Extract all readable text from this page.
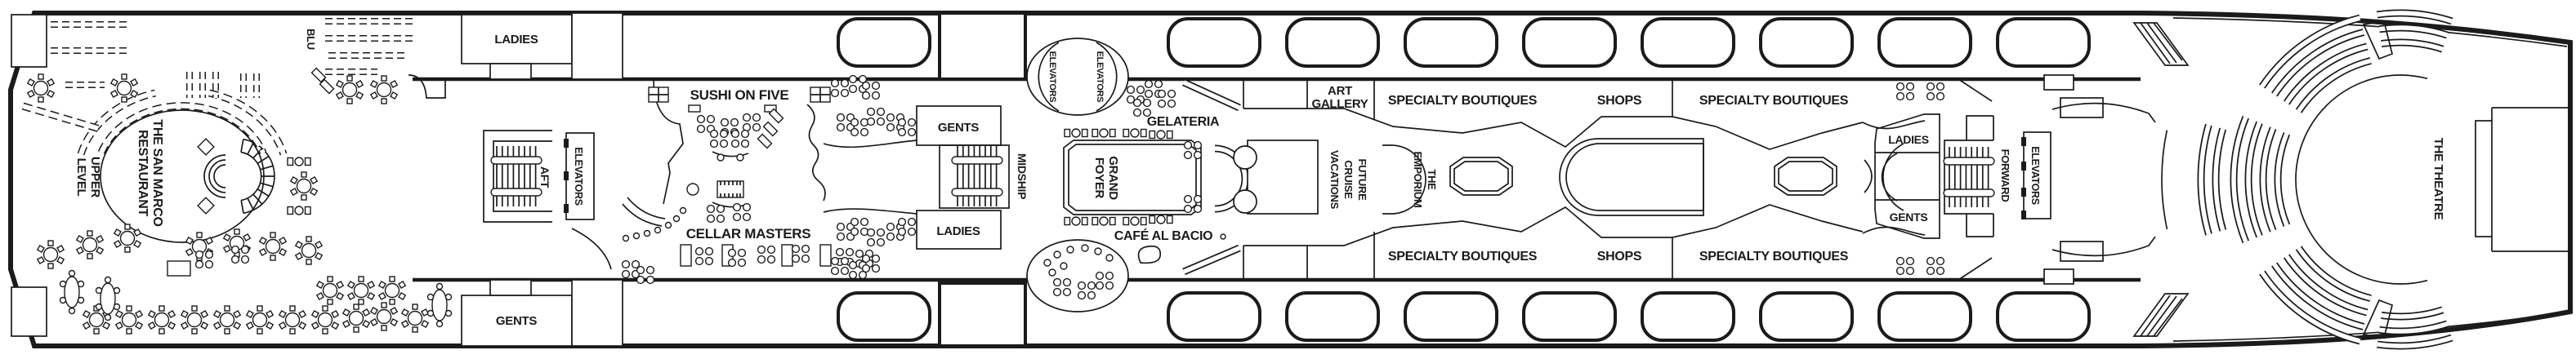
THE SAN MARCORESTAURANT
UPPERLEVEL
BLU	LADIES
GENTS
AFT ELEVATORS
SUSHI ON FIVE
CELLAR MASTERS
GENTS
LADIES
MIDSHIP
ELEVATORS	ELEVATORS
GRANDFOYER
GELATERIA
CAFÉ AL BACIO
ART GALLERY SPECIALTY BOUTIQUES
SPECIALTY BOUTIQUES
SHOPS
SHOPS
SPECIALTY BOUTIQUES
SPECIALTY BOUTIQUES
FUTURECRUISEVACATIONS	THEEMPORIUM
LADIES
GENTS
FORWARD ELEVATORS	THE THEATRE
